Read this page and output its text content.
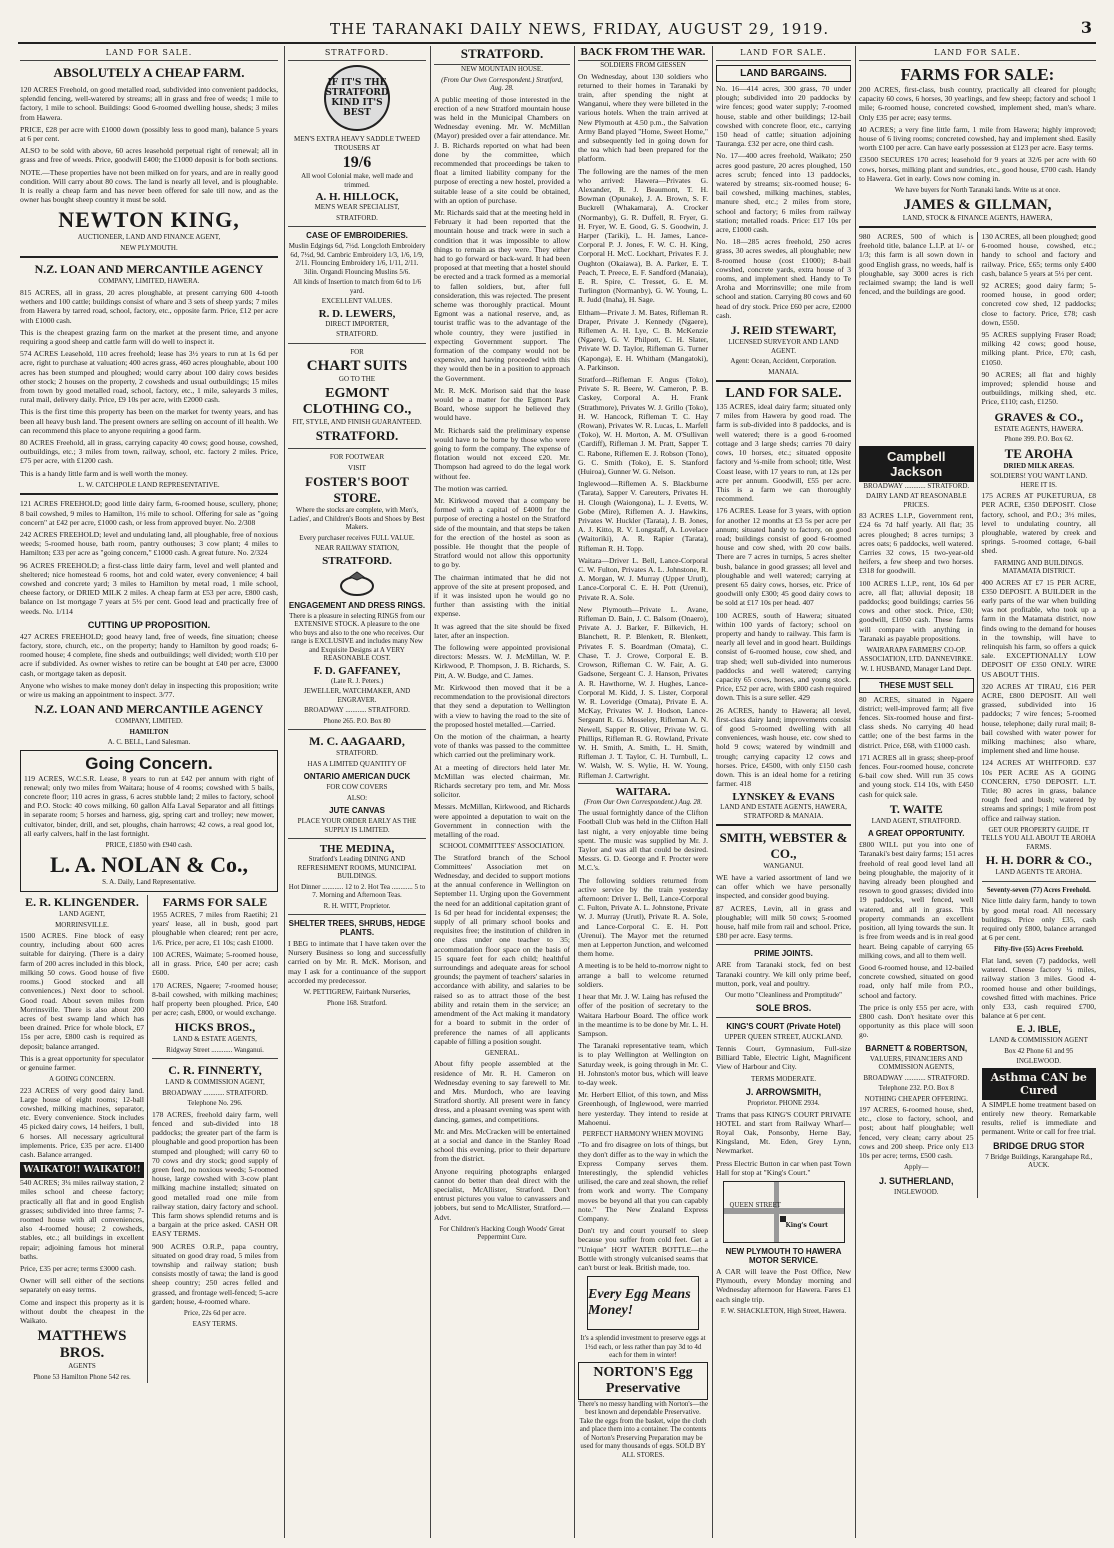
THE TARANAKI DAILY NEWS, FRIDAY, AUGUST 29, 1919.	3
LAND FOR SALE.
ABSOLUTELY A CHEAP FARM.

120 ACRES Freehold, on good metalled road, subdivided into convenient paddocks, splendid fencing, well-watered by streams; all in grass and free of weeds; 1 mile to factory, 1 mile to school. Buildings: Good 6-roomed dwelling house, sheds; 3 miles from Hawera.

PRICE, £28 per acre with £1000 down (possibly less to good man), balance 5 years at 6 per cent.

ALSO to be sold with above, 60 acres leasehold perpetual right of renewal; all in grass and free of weeds. Price, goodwill £400; the £1000 deposit is for both sections.

NOTE.—These properties have not been milked on for years, and are in really good condition. Will carry about 80 cows. The land is nearly all level, and is ploughable. It is really a cheap farm and has never been offered for sale till now, and as the owner has bought sheep country it must be sold.

NEWTON KING,
AUCTIONEER, LAND AND FINANCE AGENT,
NEW PLYMOUTH.
N.Z. LOAN AND MERCANTILE AGENCY
COMPANY, LIMITED, HAWERA.

815 ACRES, all in grass, 20 acres ploughable, at present carrying 600 4-tooth wethers and 100 cattle; buildings consist of whare and 3 sets of sheep yards; 7 miles from Hawera by tarred road, school, factory, etc., opposite farm. Price, £12 per acre with £1000 cash.

This is the cheapest grazing farm on the market at the present time, and anyone requiring a good sheep and cattle farm will do well to inspect it.

574 ACRES Leasehold, 110 acres freehold; lease has 3½ years to run at 1s 6d per acre, right to purchase at valuation; 400 acres grass, 460 acres ploughable, about 100 acres has been stumped and ploughed; would carry about 100 dairy cows besides other stock; 2 houses on the property, 2 cowsheds and usual outbuildings; 15 miles from town by good metalled road, school, factory, etc., 1 mile, saleyards 3 miles, rural mail, delivery daily. Price, £9 10s per acre, with £2000 cash.

This is the first time this property has been on the market for twenty years, and has been all heavy bush land. The present owners are selling on account of ill health. We can recommend this place to anyone requiring a good farm.

80 ACRES Freehold, all in grass, carrying capacity 40 cows; good house, cowshed, outbuildings, etc.; 3 miles from town, railway, school, etc. factory 2 miles. Price, £75 per acre, with £1200 cash.

This is a handy little farm and is well worth the money.

L. W. CATCHPOLE LAND REPRESENTATIVE.

121 ACRES FREEHOLD; good little dairy farm, 6-roomed house, scullery, phone; 8 bail cowshed, 9 miles to Hamilton, 1½ mile to school. Offering for sale as "going concern" at £42 per acre, £1000 cash, or less from approved buyer. No. 2/308

242 ACRES FREEHOLD; level and undulating land, all ploughable, free of noxious weeds; 5-roomed house, bath room, pantry outhouses; 3 cow plant; 4 miles to Hamilton; £33 per acre as "going concern," £1000 cash. A great future. No. 2/324

96 ACRES FREEHOLD; a first-class little dairy farm, level and well planted and sheltered; nice homestead 6 rooms, hot and cold water, every convenience; 4 bail cowshed and concrete yard; 3 miles to Hamilton by metal road, 1 mile school, cheese factory, or DRIED MILK 2 miles. A cheap farm at £53 per acre, £800 cash, balance on 1st mortgage 7 years at 5½ per cent. Good lead and practically free of weeds. No. 1/114

CUTTING UP PROPOSITION.

427 ACRES FREEHOLD; good heavy land, free of weeds, fine situation; cheese factory, store, church, etc., on the property; handy to Hamilton by good roads; 6-roomed house; 4 complete, fine sheds and outbuildings; well divided; worth £10 per acre if subdivided. As owner wishes to retire can be bought at £40 per acre, £3000 cash, or mortgage taken as deposit.

Anyone who wishes to make money don't delay in inspecting this proposition; write or wire us making an appointment to inspect. 3/77.

N.Z. LOAN AND MERCANTILE AGENCY
COMPANY, LIMITED.
HAMILTON
A. C. BELL, Land Salesman.
Going Concern.

119 ACRES, W.C.S.R. Lease, 8 years to run at £42 per annum with right of renewal; only two miles from Waitara; house of 4 rooms; cowshed with 5 bails, concrete floor; 110 acres in grass, 6 acres stubble land; 2 miles to factory, school and P.O. Stock: 40 cows milking, 60 gallon Alfa Laval Separator and all fittings in separate room; 5 horses and harness, gig, spring cart and trolley; new mower, cultivator, binder, drill, and set, ploughs, chain harrows; 42 cows, a real good lot, all early calvers, half in the last fortnight.

PRICE, £1850 with £940 cash.
L. A. NOLAN & Co.,
S. A. Daily, Land Representative.
E. R. KLINGENDER.
LAND AGENT,
MORRINSVILLE.

1500 ACRES. Fine block of easy country, including about 600 acres suitable for dairying. (There is a dairy farm of 200 acres included in this block, milking 50 cows. Good house of five rooms.) Good stocked and all conveniences.) Next door to school. Good road. About seven miles from Morrinsville. There is also about 200 acres of best swamp land which has been drained. Price for whole block, £7 15s per acre, £800 cash is required as deposit; balance arranged.

This is a great opportunity for speculator or genuine farmer.

A GOING CONCERN.

223 ACRES of very good dairy land. Large house of eight rooms; 12-ball cowshed, milking machines, separator, etc. Every convenience. Stock includes 45 picked dairy cows, 14 heifers, 1 bull, 6 horses. All necessary agricultural implements. Price, £35 per acre. £1400 cash. Balance arranged.

WAIKATO!! WAIKATO!!

540 ACRES; 3¼ miles railway station, 2 miles school and cheese factory; practically all flat and in good English grasses; subdivided into three farms; 7-roomed house with all conveniences, also 4-roomed house; 2 cowsheds, stables, etc.; all buildings in excellent repair; adjoining famous hot mineral baths.

Price, £35 per acre; terms £3000 cash.

Owner will sell either of the sections separately on easy terms.

Come and inspect this property as it is without doubt the cheapest in the Waikato.

MATTHEWS BROS.
AGENTS
Phone 53 Hamilton Phone 542 res.
FARMS FOR SALE

1955 ACRES, 7 miles from Raetihi; 21 years' lease, all in bush, good part ploughable when cleared; rent per acre, 1/6. Price, per acre, £1 10s; cash £1000.

100 ACRES, Waimate; 5-roomed house, all in grass. Price, £40 per acre; cash £600.

170 ACRES, Ngaere; 7-roomed house; 8-bail cowshed, with milking machines; half property been ploughed. Price, £40 per acre; cash, £800, or would exchange.

HICKS BROS.,
LAND & ESTATE AGENTS,
Ridgway Street ............ Wanganui.
C. R. FINNERTY,
LAND & COMMISSION AGENT,
BROADWAY ............ STRATFORD.
Telephone No. 296.

178 ACRES, freehold dairy farm, well fenced and sub-divided into 18 paddocks; the greater part of the farm is ploughable and good proportion has been stumped and ploughed; will carry 60 to 70 cows and dry stock; good supply of green feed, no noxious weeds; 5-roomed house, large cowshed with 3-cow plant milking machine installed; situated on good metalled road one mile from railway station, dairy factory and school. This farm shows splendid returns and is a bargain at the price asked. CASH OR EASY TERMS.

900 ACRES O.R.P., papa country, situated on good dray road, 5 miles from township and railway station; bush consists mostly of tawa; the land is good sheep country; 250 acres felled and grassed, and frontage well-fenced; 5-acre garden; house, 4-roomed whare.

Price, 22s 6d per acre.
EASY TERMS.
STRATFORD.
IF IT'S THE STRATFORD KIND IT'S BEST
MEN'S EXTRA HEAVY SADDLE TWEED TROUSERS AT
19/6
All wool Colonial make, well made and trimmed.
A. H. HILLOCK,
MEN'S WEAR SPECIALIST,
STRATFORD.
CASE OF EMBROIDERIES.
Muslin Edgings 6d, 7½d. Longcloth Embroidery 6d, 7½d, 9d. Cambric Embroidery 1/3, 1/6, 1/9, 2/11. Flouncing Embroidery 1/6, 1/11, 2/11. 3ilin. Organdi Flouncing Muslins 5/6.
All kinds of Insertion to match from 6d to 1/6 yard.
EXCELLENT VALUES.
R. D. LEWERS,
DIRECT IMPORTER,
STRATFORD.
FOR
CHART SUITS
GO TO THE
EGMONT CLOTHING CO.,
FIT, STYLE, AND FINISH GUARANTEED.
STRATFORD.
FOR FOOTWEAR
VISIT
FOSTER'S BOOT STORE.
Where the stocks are complete, with Men's, Ladies', and Children's Boots and Shoes by Best Makers.
Every purchaser receives FULL VALUE.
NEAR RAILWAY STATION,
STRATFORD.
ENGAGEMENT AND DRESS RINGS.
There is a pleasure in selecting RINGS from our EXTENSIVE STOCK. A pleasure to the one who buys and also to the one who receives. Our range is EXCLUSIVE and includes many New and Exquisite Designs at A VERY REASONABLE COST.
F. D. GAFFANEY,
(Late R. J. Peters.)
JEWELLER, WATCHMAKER, AND ENGRAVER.
BROADWAY ............ STRATFORD.
Phone 265. P.O. Box 80
M. C. AAGAARD,
STRATFORD.
HAS A LIMITED QUANTITY OF
ONTARIO AMERICAN DUCK
FOR COW COVERS
ALSO:
JUTE CANVAS
PLACE YOUR ORDER EARLY AS THE SUPPLY IS LIMITED.
THE MEDINA,
Stratford's Leading DINING AND REFRESHMENT ROOMS, MUNICIPAL BUILDINGS.
Hot Dinner ............ 12 to 2. Hot Tea ............ 5 to 7. Morning and Afternoon Teas.
R. H. WITT, Proprietor.
SHELTER TREES, SHRUBS, HEDGE PLANTS.

I BEG to intimate that I have taken over the Nursery Business so long and successfully carried on by Mr. R. McK. Morison, and may I ask for a continuance of the support accorded my predecessor.

W. PETTIGREW, Fairbank Nurseries,
Phone 168. Stratford.
STRATFORD.
NEW MOUNTAIN HOUSE.
(From Our Own Correspondent.) Stratford, Aug. 28.

A public meeting of those interested in the erection of a new Stratford mountain house was held in the Municipal Chambers on Wednesday evening. Mr. W. McMillan (Mayor) presided over a fair attendance. Mr. J. B. Richards reported on what had been done by the committee, which recommended that proceedings be taken to float a limited liability company for the purpose of erecting a new hostel, provided a suitable lease of a site could be obtained, with an option of purchase.

Mr. Richards said that at the meeting held in February it had been reported that the mountain house and track were in such a condition that it was impossible to allow things to remain as they were. They either had to go forward or back-ward. It had been proposed at that meeting that a hostel should be erected and a track formed as a memorial to fallen soldiers, but, after full consideration, this was rejected. The present scheme was thoroughly practical. Mount Egmont was a national reserve, and, as tourist traffic was to the advantage of the whole country, they were justified in expecting Government support. The formation of the company would not be expensive, and having proceeded with this they would then be in a position to approach the Government.

Mr. R. McK. Morison said that the lease would be a matter for the Egmont Park Board, whose support he believed they would have.

Mr. Richards said the preliminary expense would have to be borne by those who were going to form the company. The expense of flotation would not exceed £20. Mr. Thompson had agreed to do the legal work without fee.

The motion was carried.

Mr. Kirkwood moved that a company be formed with a capital of £4000 for the purpose of erecting a hostel on the Stratford side of the mountain, and that steps be taken for the erection of the hostel as soon as possible. He thought that the people of Stratford would not allow this opportunity to go by.

The chairman intimated that he did not approve of the site at present proposed, and if it was insisted upon he would go no further than assisting with the initial expense.

It was agreed that the site should be fixed later, after an inspection.

The following were appointed provisional directors: Messrs. W. J. McMillan, W. P. Kirkwood, P. Thompson, J. B. Richards, S. Pitt, A. W. Budge, and C. James.

Mr. Kirkwood then moved that it be a recommendation to the provisional directors that they send a deputation to Wellington with a view to having the road to the site of the proposed hostel metalled.—Carried.

On the motion of the chairman, a hearty vote of thanks was passed to the committee which carried out the preliminary work.

At a meeting of directors held later Mr. McMillan was elected chairman, Mr. Richards secretary pro tem, and Mr. Moss solicitor.

Messrs. McMillan, Kirkwood, and Richards were appointed a deputation to wait on the Government in connection with the metalling of the road.

SCHOOL COMMITTEES' ASSOCIATION.

The Stratford branch of the School Committees' Association met on Wednesday, and decided to support motions at the annual conference in Wellington on September 11. Urging upon the Government the need for an additional capitation grant of 1s 6d per head for incidental expenses; the supply of all primary school books and requisites free; the institution of children in one class under one teacher to 35; accommodation floor space on the basis of 15 square feet for each child; healthful surroundings and adequate areas for school grounds; the payment of teachers' salaries in accordance with ability, and salaries to be raised so as to attract those of the best ability and retain them in the service; an amendment of the Act making it mandatory for a board to submit in the order of preference the names of all applicants capable of filling a position sought.

GENERAL.

About fifty people assembled at the residence of Mr. R. H. Cameron on Wednesday evening to say farewell to Mr. and Mrs. Murdoch, who are leaving Stratford shortly. All present were in fancy dress, and a pleasant evening was spent with dancing, games, and competitions.

Mr. and Mrs. McCracken will be entertained at a social and dance in the Stanley Road school this evening, prior to their departure from the district.

Anyone requiring photographs enlarged cannot do better than deal direct with the specialist, McAllister, Stratford. Don't entrust pictures you value to canvassers and jobbers, but send to McAllister, Stratford.—Advt.

For Children's Hacking Cough Woods' Great Peppermint Cure.
BACK FROM THE WAR.
SOLDIERS FROM GIESSEN

On Wednesday, about 130 soldiers who returned to their homes in Taranaki by train, after spending the night at Wanganui, where they were billeted in the various hotels. When the train arrived at New Plymouth at 4.50 p.m., the Salvation Army Band played "Home, Sweet Home," and subsequently led in going down for the tea which had been prepared for the platform.

The following are the names of the men who arrived: Hawera—Privates G. Alexander, R. J. Beaumont, T. H. Bowman (Opunake), J. A. Brown, S. F. Buckrell (Whakamara), A. Crocker (Normanby), G. R. Duffell, R. Fryer, G. H. Fryer, W. E. Good, G. S. Goodwin, J. Harper (Tariki), L. H. James, Lance-Corporal P. J. Jones, F. W. C. H. King, Corporal H. McC. Lockhart, Privates F. J. Oughton (Okaiawa), B. A. Parker, E. T. Peach, T. Preece, E. F. Sandford (Manaia), E. R. Spire, C. Tresset, G. E. M. Turlington (Normanby), G. W. Young, L. R. Judd (Inaha), H. Sage.

Eltham—Private J. M. Bates, Rifleman R. Draper, Private J. Kennedy (Ngaere), Riflemen A. H. Lye, C. B. McKenzie (Ngaere), G. V. Philpott, C. H. Slater, Private W. D. Taylor, Rifleman G. Turner (Kaponga), E. H. Whitham (Mangatoki), A. Parkinson.

Stratford—Rifleman F. Angus (Toko), Private S. R. Beere, W. Cameron, P. B. Caskey, Corporal A. H. Frank (Strathmore), Privates W. J. Grillo (Toko), H. W. Hancock, Rifleman T. C. Hay (Rowan), Privates W. R. Lucas, L. Marfell (Toko), W. H. Morton, A. M. O'Sullivan (Cardiff), Rifleman J. M. Pratt, Sapper T. C. Rabone, Riflemen E. J. Robson (Tono), G. C. Smith (Toko), E. S. Stanford (Huiroa), Gunner W. G. Nelson.

Inglewood—Riflemen A. S. Blackburne (Tarata), Sapper V. Careuters, Privates H. H. Clough (Waiongona), L. J. Evetts, W. Gobe (Mire), Riflemen A. J. Hawkins, Privates W. Huckler (Tarata), J. B. Jones, A. J. Kitto, R. V. Longstaff, A. Lovelace (Waitoriki), A. R. Rapier (Tarata), Rifleman R. H. Topp.

Waitara—Driver L. Bell, Lance-Corporal C. W. Fulton, Privates A. L. Johnstone, R. A. Morgan, W. J. Murray (Upper Urutl), Lance-Corporal C. E. H. Pott (Urenui), Private R. A. Sole.

New Plymouth—Private L. Avane, Rifleman D. Bain, J. C. Balsom (Onaero), Private A. J. Barker, F. Bilkevich, H. Blanchett, R. P. Blenkett, R. Blenkett, Privates F. S. Boardman (Omata), C. Chase, T. J. Crowe, Corporal E. B. Crowson, Rifleman C. W. Fair, A. G. Gadsone, Sergeant C. J. Hanson, Privates A. R. Hawthorne, W. J. Hughes, Lance-Corporal M. Kidd, J. S. Lister, Corporal W. R. Loveridge (Omata), Private E. A. McKay, Privates W. J. Hodson, Lance-Sergeant R. G. Mosseley, Rifleman A. N. Newell, Sapper R. Oliver, Private W. G. Phillips, Rifleman R. G. Rowland, Private W. H. Smith, A. Smith, L. H. Smith, Rifleman J. T. Taylor, C. H. Turnbull, L. W. Walsh, W. S. Wylie, H. W. Young, Rifleman J. Cartwright.

WAITARA.
(From Our Own Correspondent.) Aug. 28.

The usual fortnightly dance of the Clifton Football Club was held in the Clifton Hall last night, a very enjoyable time being spent. The music was supplied by Mr. J. Taylor and was all that could be desired. Messrs. G. D. George and F. Procter were M.C.'s.

The following soldiers returned from active service by the train yesterday afternoon: Driver L. Bell, Lance-Corporal C. Fulton, Private A. L. Johnstone, Private W. J. Murray (Urutl), Private R. A. Sole, and Lance-Corporal C. E. H. Pott (Urenui). The Mayor met the returned men at Lepperton Junction, and welcomed them home.

A meeting is to be held to-morrow night to arrange a ball to welcome returned soldiers.

I hear that Mr. J. W. Laing has refused the offer of the position of secretary to the Waitara Harbour Board. The office work in the meantime is to be done by Mr. L. H. Sampson.

The Taranaki representative team, which is to play Wellington at Wellington on Saturday week, is going through in Mr. C. H. Johnston's motor bus, which will leave to-day week.

Mr. Herbert Elliot, of this town, and Miss Greenhough, of Inglewood, were married here yesterday. They intend to reside at Mahoenui.

PERFECT HARMONY WHEN MOVING

"To and fro disagree on lots of things, but they don't differ as to the way in which the Express Company serves them. Interestingly, the splendid vehicles utilised, the care and zeal shown, the relief from work and worry. The Company moves be beyond all that you can capably note." The New Zealand Express Company.

Don't try and court yourself to sleep because you suffer from cold feet. Get a "Unique" HOT WATER BOTTLE—the Bottle with strongly vulcanised seams that can't burst or leak. British made, too.

Every Egg Means Money!
It's a splendid investment to preserve eggs at 1½d each, or less rather than pay 3d to 4d each for them in winter!
NORTON'S Egg Preservative
There's no messy handling with Norton's—the best known and dependable Preservative. Take the eggs from the basket, wipe the cloth and place them into a container. The contents of Norton's Preserving Preparation may be used for many thousands of eggs. SOLD BY ALL STORES.
LAND FOR SALE.
LAND BARGAINS.

No. 16—414 acres, 300 grass, 70 under plough; subdivided into 20 paddocks by wire fences; good water supply; 7-roomed house, stable and other buildings; 12-bail cowshed with concrete floor, etc., carrying 150 head of cattle; situation adjoining Tauranga. £32 per acre, one third cash.

No. 17—400 acres freehold, Waikato; 250 acres good pasture, 20 acres ploughed, 150 acres scrub; fenced into 13 paddocks, watered by streams; six-roomed house; 6-bail cowshed, milking machines, stables, manure shed, etc.; 2 miles from store, school and factory; 6 miles from railway station; metalled roads. Price: £17 10s per acre, £1000 cash.

No. 18—285 acres freehold, 250 acres grass, 30 acres swedes, all ploughable; new 8-roomed house (cost £1000); 8-bail cowshed, concrete yards, extra house of 3 rooms, and implement shed. Handy to Te Aroha and Morrinsville; one mile from school and station. Carrying 80 cows and 60 head of dry stock. Price £60 per acre, £2000 cash.

J. REID STEWART,
LICENSED SURVEYOR AND LAND AGENT.
Agent: Ocean, Accident, Corporation.
MANAIA.
LAND FOR SALE.

135 ACRES, ideal dairy farm; situated only 7 miles from Hawera by good road. The farm is sub-divided into 8 paddocks, and is well watered; there is a good 6-roomed cottage and 3 large sheds; carries 70 dairy cows, 10 horses, etc.; situated opposite factory and ¼-mile from school; title, West Coast lease, with 17 years to run, at 12s per acre per annum. Goodwill, £55 per acre. This is a farm we can thoroughly recommend.

176 ACRES. Lease for 3 years, with option for another 12 months at £3 5s per acre per annum; situated handy to factory, on good road; buildings consist of good 6-roomed house and cow shed, with 20 cow bails. There are 7 acres in turnips, 5 acres shelter bush, balance in good grasses; all level and ploughable and well watered; carrying at present 65 dairy cows, horses, etc. Price of goodwill only £300; 45 good dairy cows to be sold at £17 10s per head. 407

100 ACRES, south of Hawera; situated within 100 yards of factory; school on property and handy to railway. This farm is nearly all level and in good heart. Buildings consist of 6-roomed house, cow shed, and trap shed; well sub-divided into numerous paddocks and well watered; carrying capacity 65 cows, horses, and young stock. Price, £52 per acre, with £800 cash required down. This is a sure seller. 429

26 ACRES, handy to Hawera; all level, first-class dairy land; improvements consist of good 5-roomed dwelling with all conveniences, wash house, etc. cow shed to hold 9 cows; watered by windmill and trough; carrying capacity 12 cows and horses. Price, £4500, with only £150 cash down. This is an ideal home for a retiring farmer. 418

LYNSKEY & EVANS
LAND AND ESTATE AGENTS, HAWERA, STRATFORD & MANAIA.
SMITH, WEBSTER & CO.,
WANGANUI.

WE have a varied assortment of land we can offer which we have personally inspected, and consider good buying.

87 ACRES, Levin, all in grass and ploughable; will milk 50 cows; 5-roomed house, half mile from rail and school. Price, £80 per acre. Easy terms.

PRIME JOINTS.

ARE from Taranaki stock, fed on best Taranaki country. We kill only prime beef, mutton, pork, veal and poultry.

Our motto "Cleanliness and Promptitude"
SOLE BROS.
KING'S COURT (Private Hotel)
UPPER QUEEN STREET, AUCKLAND.

Tennis Court, Gymnasium, Full-size Billiard Table, Electric Light, Magnificent View of Harbour and City.

TERMS MODERATE.
J. ARROWSMITH,
Proprietor. PHONE 2934.

Trams that pass KING'S COURT PRIVATE HOTEL and start from Railway Wharf—Royal Oak, Ponsonby, Herne Bay, Kingsland, Mt. Eden, Grey Lynn, Newmarket.

Press Electric Button in car when past Town Hall for stop at "King's Court."

QUEEN STREET
King's Court
NEW PLYMOUTH TO HAWERA MOTOR SERVICE.

A CAR will leave the Post Office, New Plymouth, every Monday morning and Wednesday afternoon for Hawera. Fares £1 each single trip.

F. W. SHACKLETON, High Street, Hawera.
LAND FOR SALE.
FARMS FOR SALE:

200 ACRES, first-class, bush country, practically all cleared for plough; capacity 60 cows, 6 horses, 30 yearlings, and few sheep; factory and school 1 mile; 6-roomed house, concreted cowshed, implement shed, man's whare. Only £35 per acre; easy terms.

40 ACRES; a very fine little farm, 1 mile from Hawera; highly improved; house of 6 living rooms; concreted cowshed, hay and implement shed. Easily worth £100 per acre. Can have early possession at £123 per acre. Easy terms.

£3500 SECURES 170 acres; leasehold for 9 years at 32/6 per acre with 60 cows, horses, milking plant and sundries, etc., good house, £700 cash. Handy to Hawera. Get in early. Cows now coming in.

We have buyers for North Taranaki lands. Write us at once.
JAMES & GILLMAN,
LAND, STOCK & FINANCE AGENTS, HAWERA,

980 ACRES, 500 of which is freehold title, balance L.I.P. at 1/- or 1/3; this farm is all sown down in good English grass, no weeds, half is ploughable, say 3000 acres is rich reclaimed swamp; the land is well fenced, and the buildings are good.

130 ACRES, all been ploughed; good 6-roomed house, cowshed, etc.; handy to school and factory and railway. Price, £65; terms only £400 cash, balance 5 years at 5½ per cent.

92 ACRES; good dairy farm; 5-roomed house, in good order; concreted cow shed, 12 paddocks; close to factory. Price, £78; cash down, £550.

95 ACRES supplying Fraser Road; milking 42 cows; good house, milking plant. Price, £70; cash, £1050.

90 ACRES; all flat and highly improved; splendid house and outbuildings, milking shed, etc. Price, £110; cash, £1250.

GRAVES & CO.,
ESTATE AGENTS, HAWERA.
Phone 399. P.O. Box 62.
Campbell Jackson
BROADWAY ............ STRATFORD.
DAIRY LAND AT REASONABLE PRICES.

83 ACRES L.I.P., Government rent, £24 6s 7d half yearly. All flat; 35 acres ploughed; 8 acres turnips; 3 acres oats; 6 paddocks, well watered. Carries 32 cows, 15 two-year-old heifers, a few sheep and two horses. £318 for goodwill.

100 ACRES L.I.P., rent, 10s 6d per acre, all flat; alluvial deposit; 18 paddocks; good buildings; carries 56 cows and other stock. Price, £30; goodwill, £1050 cash. These farms will compare with anything in Taranaki as payable propositions.

WAIRARAPA FARMERS' CO-OP. ASSOCIATION, LTD. DANNEVIRKE.
W. I. HUSBAND, Manager Land Dept.
THESE MUST SELL

80 ACRES, situated in Ngaere district; well-improved farm; all five fences. Six-roomed house and first-class sheds. No carrying 40 head cattle; one of the best farms in the district. Price, £68, with £1000 cash.

171 ACRES all in grass; sheep-proof fences. Four-roomed house, concrete 6-bail cow shed. Will run 35 cows and young stock. £14 10s, with £450 cash for quick sale.

T. WAITE
LAND AGENT, STRATFORD.
A GREAT OPPORTUNITY.

£800 WILL put you into one of Taranaki's best dairy farms; 151 acres freehold of real good level land all being ploughable, the majority of it having already been ploughed and resown to good grasses; divided into 19 paddocks, well fenced, well watered, and all in grass. This property commands an excellent position, all lying towards the sun. It is free from weeds and is in real good heart. Being capable of carrying 65 milking cows, and all to them well.

Good 6-roomed house, and 12-bailed concrete cowshed, situated on good road, only half mile from P.O., school and factory.

The price is only £55 per acre, with £800 cash. Don't hesitate over this opportunity as this place will soon go.

BARNETT & ROBERTSON,
VALUERS, FINANCIERS AND COMMISSION AGENTS,
BROADWAY ............ STRATFORD.
Telephone 232. P.O. Box 8
NOTHING CHEAPER OFFERING.

197 ACRES, 6-roomed house, shed, etc., close to factory, school, and post; about half ploughable; well fenced, very clean; carry about 25 cows and 200 sheep. Price only £13 10s per acre; terms, £500 cash.

Apply—
J. SUTHERLAND,
INGLEWOOD.
TE AROHA
DRIED MILK AREAS.
SOLDIERS! YOU WANT LAND. HERE IT IS.

175 ACRES AT PUKETURUA, £8 PER ACRE, £350 DEPOSIT. Close factory, school, and P.O.; 3½ miles, level to undulating country, all ploughable, watered by creek and springs. 5-roomed cottage, 6-bail shed.

FARMING AND BUILDINGS. MATAMATA DISTRICT.

400 ACRES AT £7 15 PER ACRE, £350 DEPOSIT. A BUILDER in the early parts of the war when building was not profitable, who took up a farm in the Matamata district, now finds owing to the demand for houses in the township, will have to relinquish his farm, so offers a quick sale. EXCEPTIONALLY LOW DEPOSIT OF £350 ONLY. WIRE US ABOUT THIS.

320 ACRES AT TIRAU, £16 PER ACRE, £800 DEPOSIT. All well grassed, subdivided into 16 paddocks; 7 wire fences; 5-roomed house, telephone; daily rural mail; 8-bail cowshed with water power for milking machines; also whare, implement shed and lime house.

124 ACRES AT WHITFORD. £37 10s PER ACRE AS A GOING CONCERN, £750 DEPOSIT. L.T. Title; 80 acres in grass, balance rough feed and bush; watered by streams and springs; 1 mile from post office and railway station.

GET OUR PROPERTY GUIDE. IT TELLS YOU ALL ABOUT TE AROHA FARMS.
H. H. DORR & CO.,
LAND AGENTS TE AROHA.
Seventy-seven (77) Acres Freehold.

Nice little dairy farm, handy to town by good metal road. All necessary buildings. Price only £35, cash required only £800, balance arranged at 6 per cent.

Fifty-five (55) Acres Freehold.

Flat land, seven (7) paddocks, well watered. Cheese factory ¼ miles, railway station 3 miles. Good 4-roomed house and other buildings, cowshed fitted with machines. Price only £33, cash required £700, balance at 6 per cent.

E. J. IBLE,
LAND & COMMISSION AGENT
Box 42 Phone 61 and 95
INGLEWOOD.
Asthma CAN be Cured

A SIMPLE home treatment based on entirely new theory. Remarkable results, relief is immediate and permanent. Write or call for free trial.

BRIDGE DRUG STOR
7 Bridge Buildings, Karangahape Rd., AUCK.
